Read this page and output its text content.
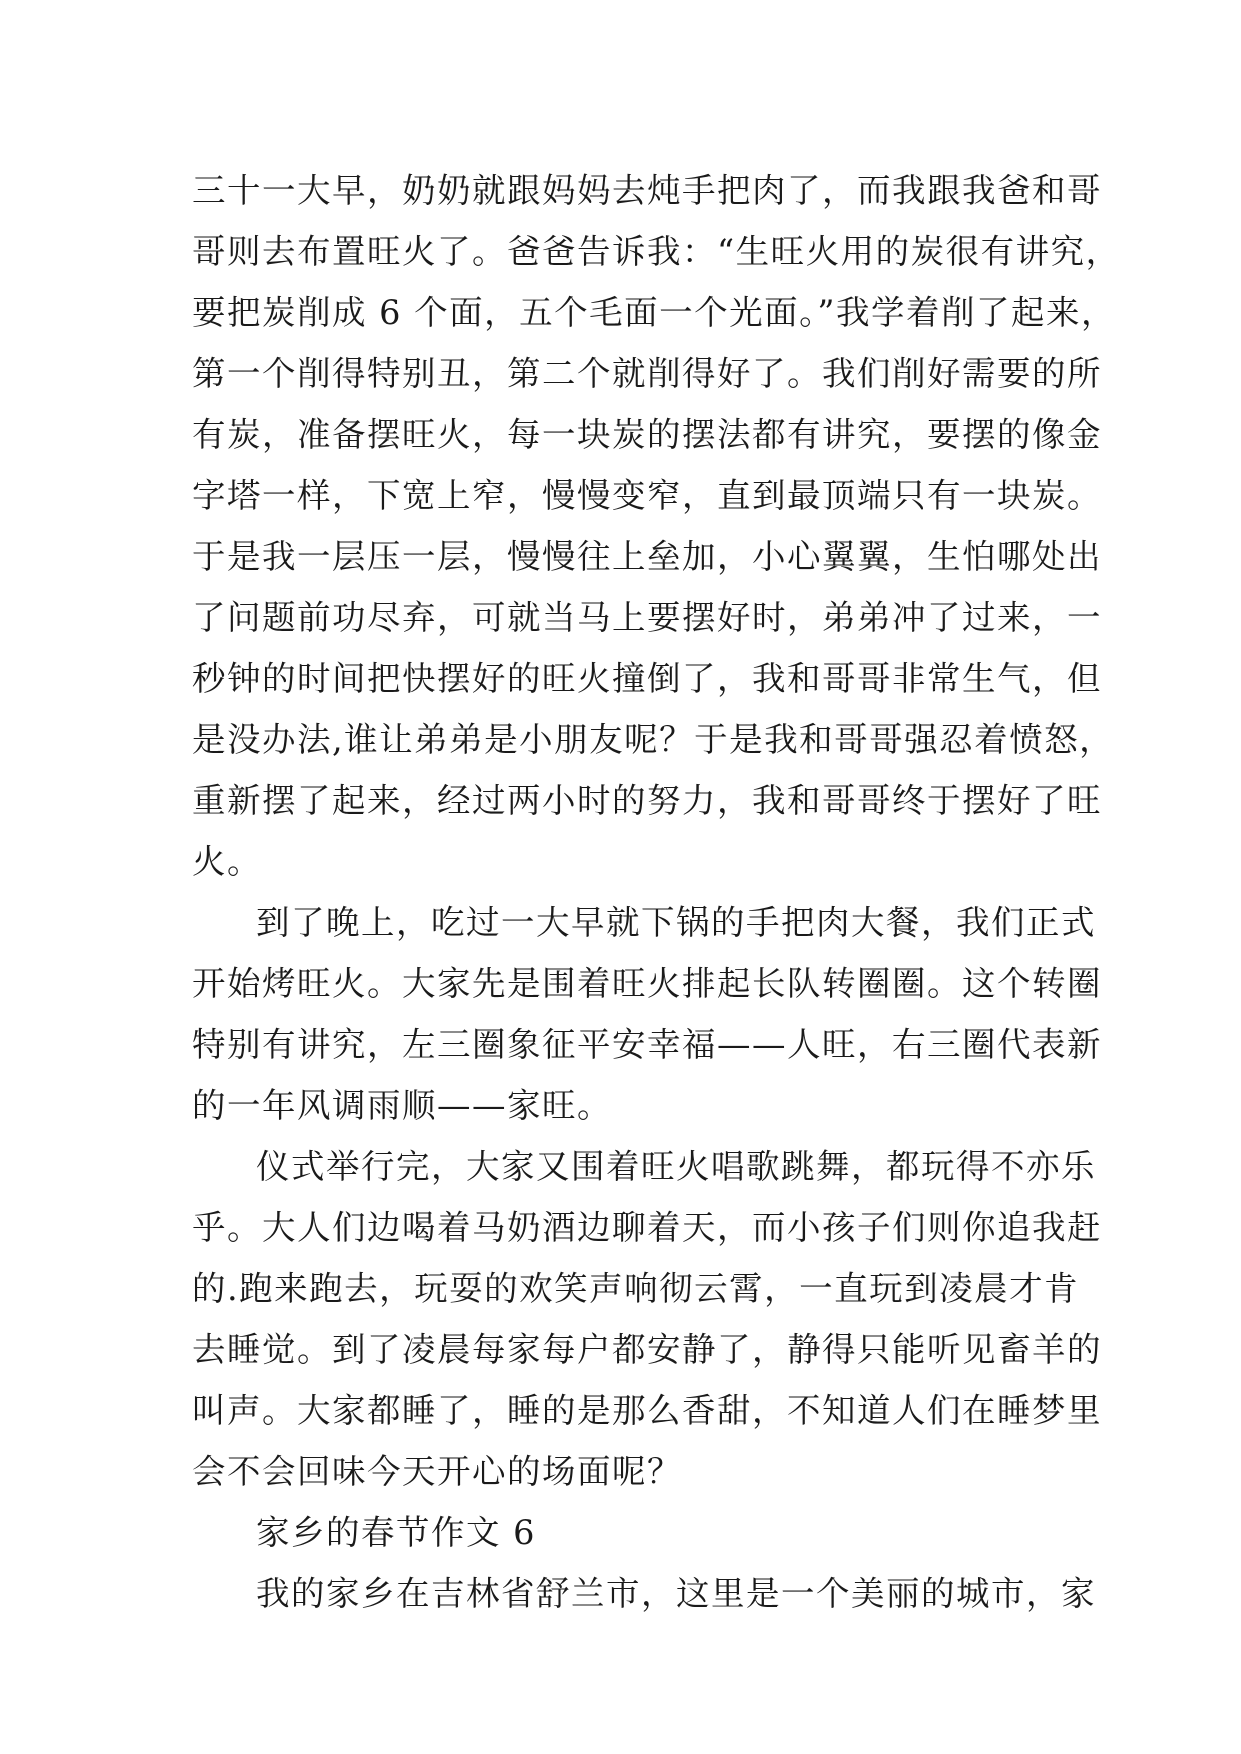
三十一大早，奶奶就跟妈妈去炖手把肉了，而我跟我爸和哥
哥则去布置旺火了。爸爸告诉我：“生旺火用的炭很有讲究，
要把炭削成 6 个面，五个毛面一个光面。”我学着削了起来，
第一个削得特别丑，第二个就削得好了。我们削好需要的所
有炭，准备摆旺火，每一块炭的摆法都有讲究，要摆的像金
字塔一样，下宽上窄，慢慢变窄，直到最顶端只有一块炭。
于是我一层压一层，慢慢往上垒加，小心翼翼，生怕哪处出
了问题前功尽弃，可就当马上要摆好时，弟弟冲了过来，一
秒钟的时间把快摆好的旺火撞倒了，我和哥哥非常生气，但
是没办法,谁让弟弟是小朋友呢？于是我和哥哥强忍着愤怒，
重新摆了起来，经过两小时的努力，我和哥哥终于摆好了旺
火。
到了晚上，吃过一大早就下锅的手把肉大餐，我们正式
开始烤旺火。大家先是围着旺火排起长队转圈圈。这个转圈
特别有讲究，左三圈象征平安幸福——人旺，右三圈代表新
的一年风调雨顺——家旺。
仪式举行完，大家又围着旺火唱歌跳舞，都玩得不亦乐
乎。大人们边喝着马奶酒边聊着天，而小孩子们则你追我赶
的.跑来跑去，玩耍的欢笑声响彻云霄，一直玩到凌晨才肯
去睡觉。到了凌晨每家每户都安静了，静得只能听见畜羊的
叫声。大家都睡了，睡的是那么香甜，不知道人们在睡梦里
会不会回味今天开心的场面呢？
家乡的春节作文 6
我的家乡在吉林省舒兰市，这里是一个美丽的城市，家
